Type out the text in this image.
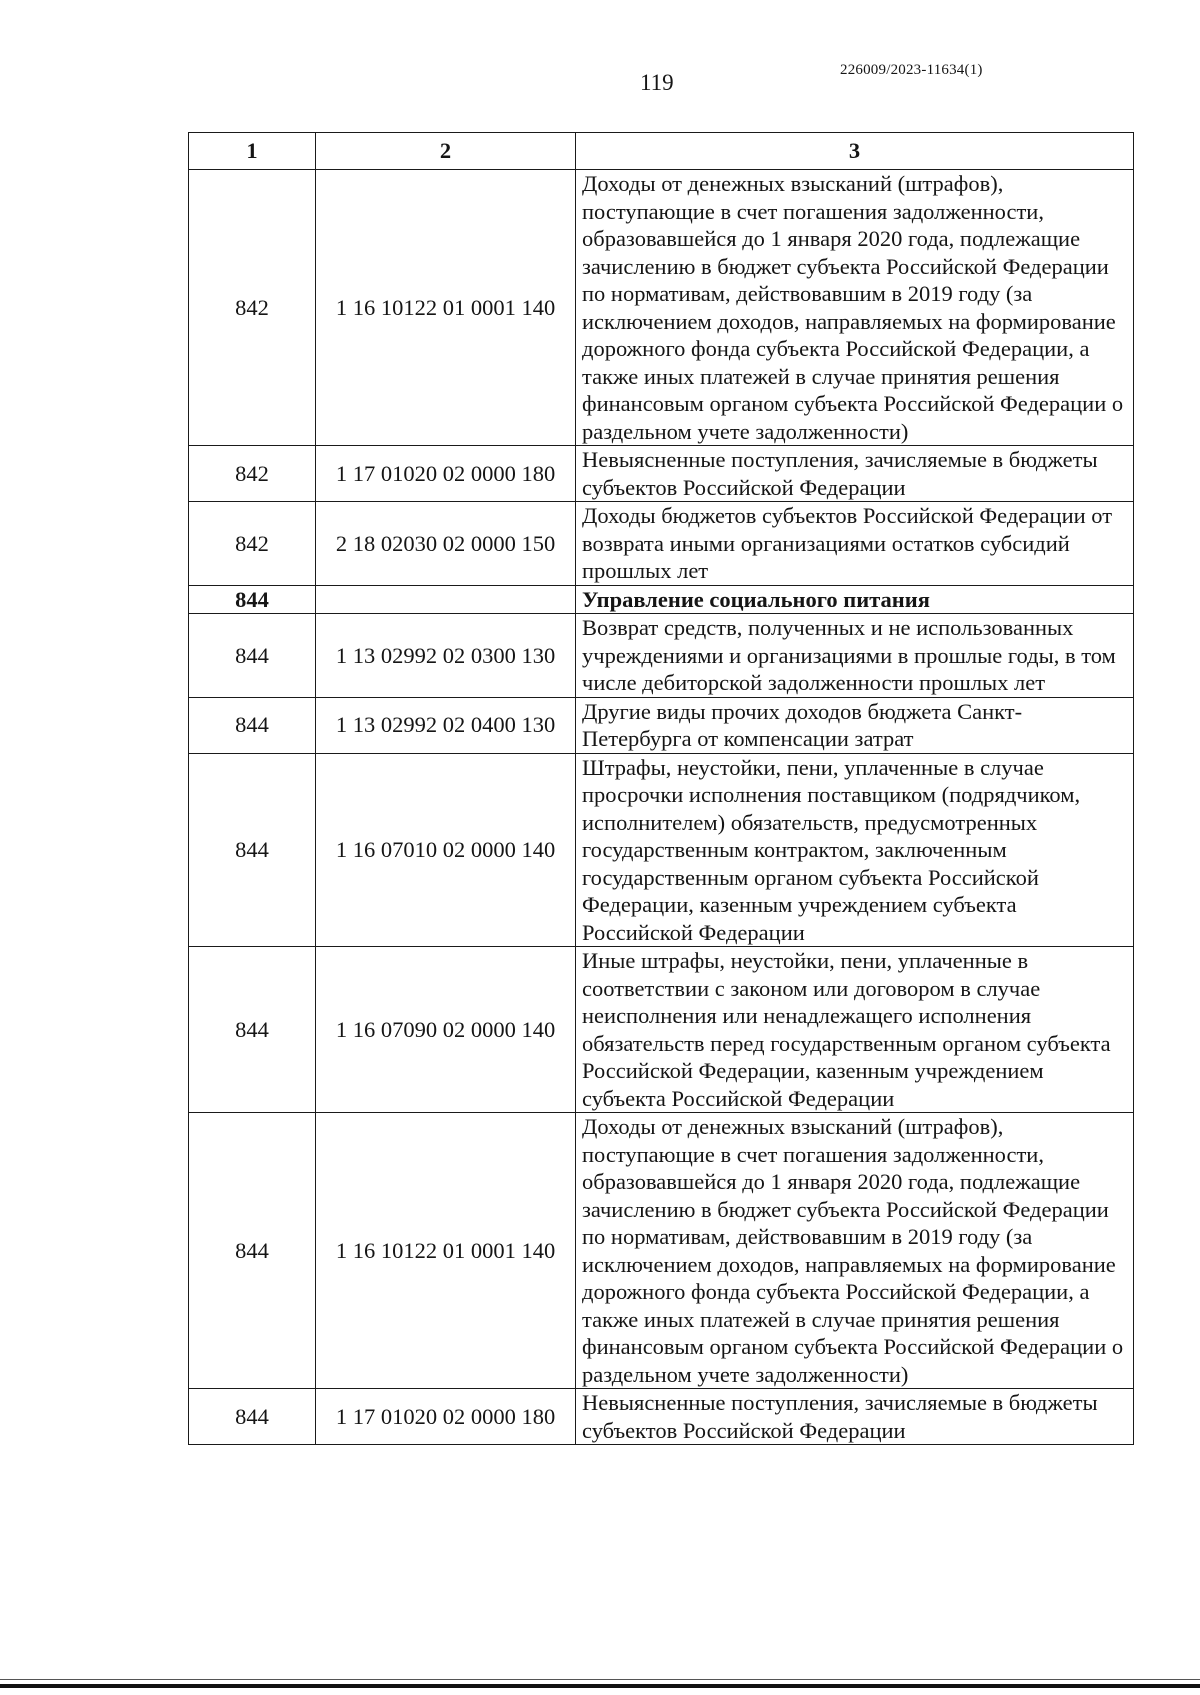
119	226009/2023-11634(1)
1	2	3
842	1 16 10122 01 0001 140	Доходы от денежных взысканий (штрафов), поступающие в счет погашения задолженности, образовавшейся до 1 января 2020 года, подлежащие зачислению в бюджет субъекта Российской Федерации по нормативам, действовавшим в 2019 году (за исключением доходов, направляемых на формирование дорожного фонда субъекта Российской Федерации, а также иных платежей в случае принятия решения финансовым органом субъекта Российской Федерации о раздельном учете задолженности)
842	1 17 01020 02 0000 180	Невыясненные поступления, зачисляемые в бюджеты субъектов Российской Федерации
842	2 18 02030 02 0000 150	Доходы бюджетов субъектов Российской Федерации от возврата иными организациями остатков субсидий прошлых лет
844		Управление социального питания
844	1 13 02992 02 0300 130	Возврат средств, полученных и не использованных учреждениями и организациями в прошлые годы, в том числе дебиторской задолженности прошлых лет
844	1 13 02992 02 0400 130	Другие виды прочих доходов бюджета Санкт-Петербурга от компенсации затрат
844	1 16 07010 02 0000 140	Штрафы, неустойки, пени, уплаченные в случае просрочки исполнения поставщиком (подрядчиком, исполнителем) обязательств, предусмотренных государственным контрактом, заключенным государственным органом субъекта Российской Федерации, казенным учреждением субъекта Российской Федерации
844	1 16 07090 02 0000 140	Иные штрафы, неустойки, пени, уплаченные в соответствии с законом или договором в случае неисполнения или ненадлежащего исполнения обязательств перед государственным органом субъекта Российской Федерации, казенным учреждением субъекта Российской Федерации
844	1 16 10122 01 0001 140	Доходы от денежных взысканий (штрафов), поступающие в счет погашения задолженности, образовавшейся до 1 января 2020 года, подлежащие зачислению в бюджет субъекта Российской Федерации по нормативам, действовавшим в 2019 году (за исключением доходов, направляемых на формирование дорожного фонда субъекта Российской Федерации, а также иных платежей в случае принятия решения финансовым органом субъекта Российской Федерации о раздельном учете задолженности)
844	1 17 01020 02 0000 180	Невыясненные поступления, зачисляемые в бюджеты субъектов Российской Федерации
